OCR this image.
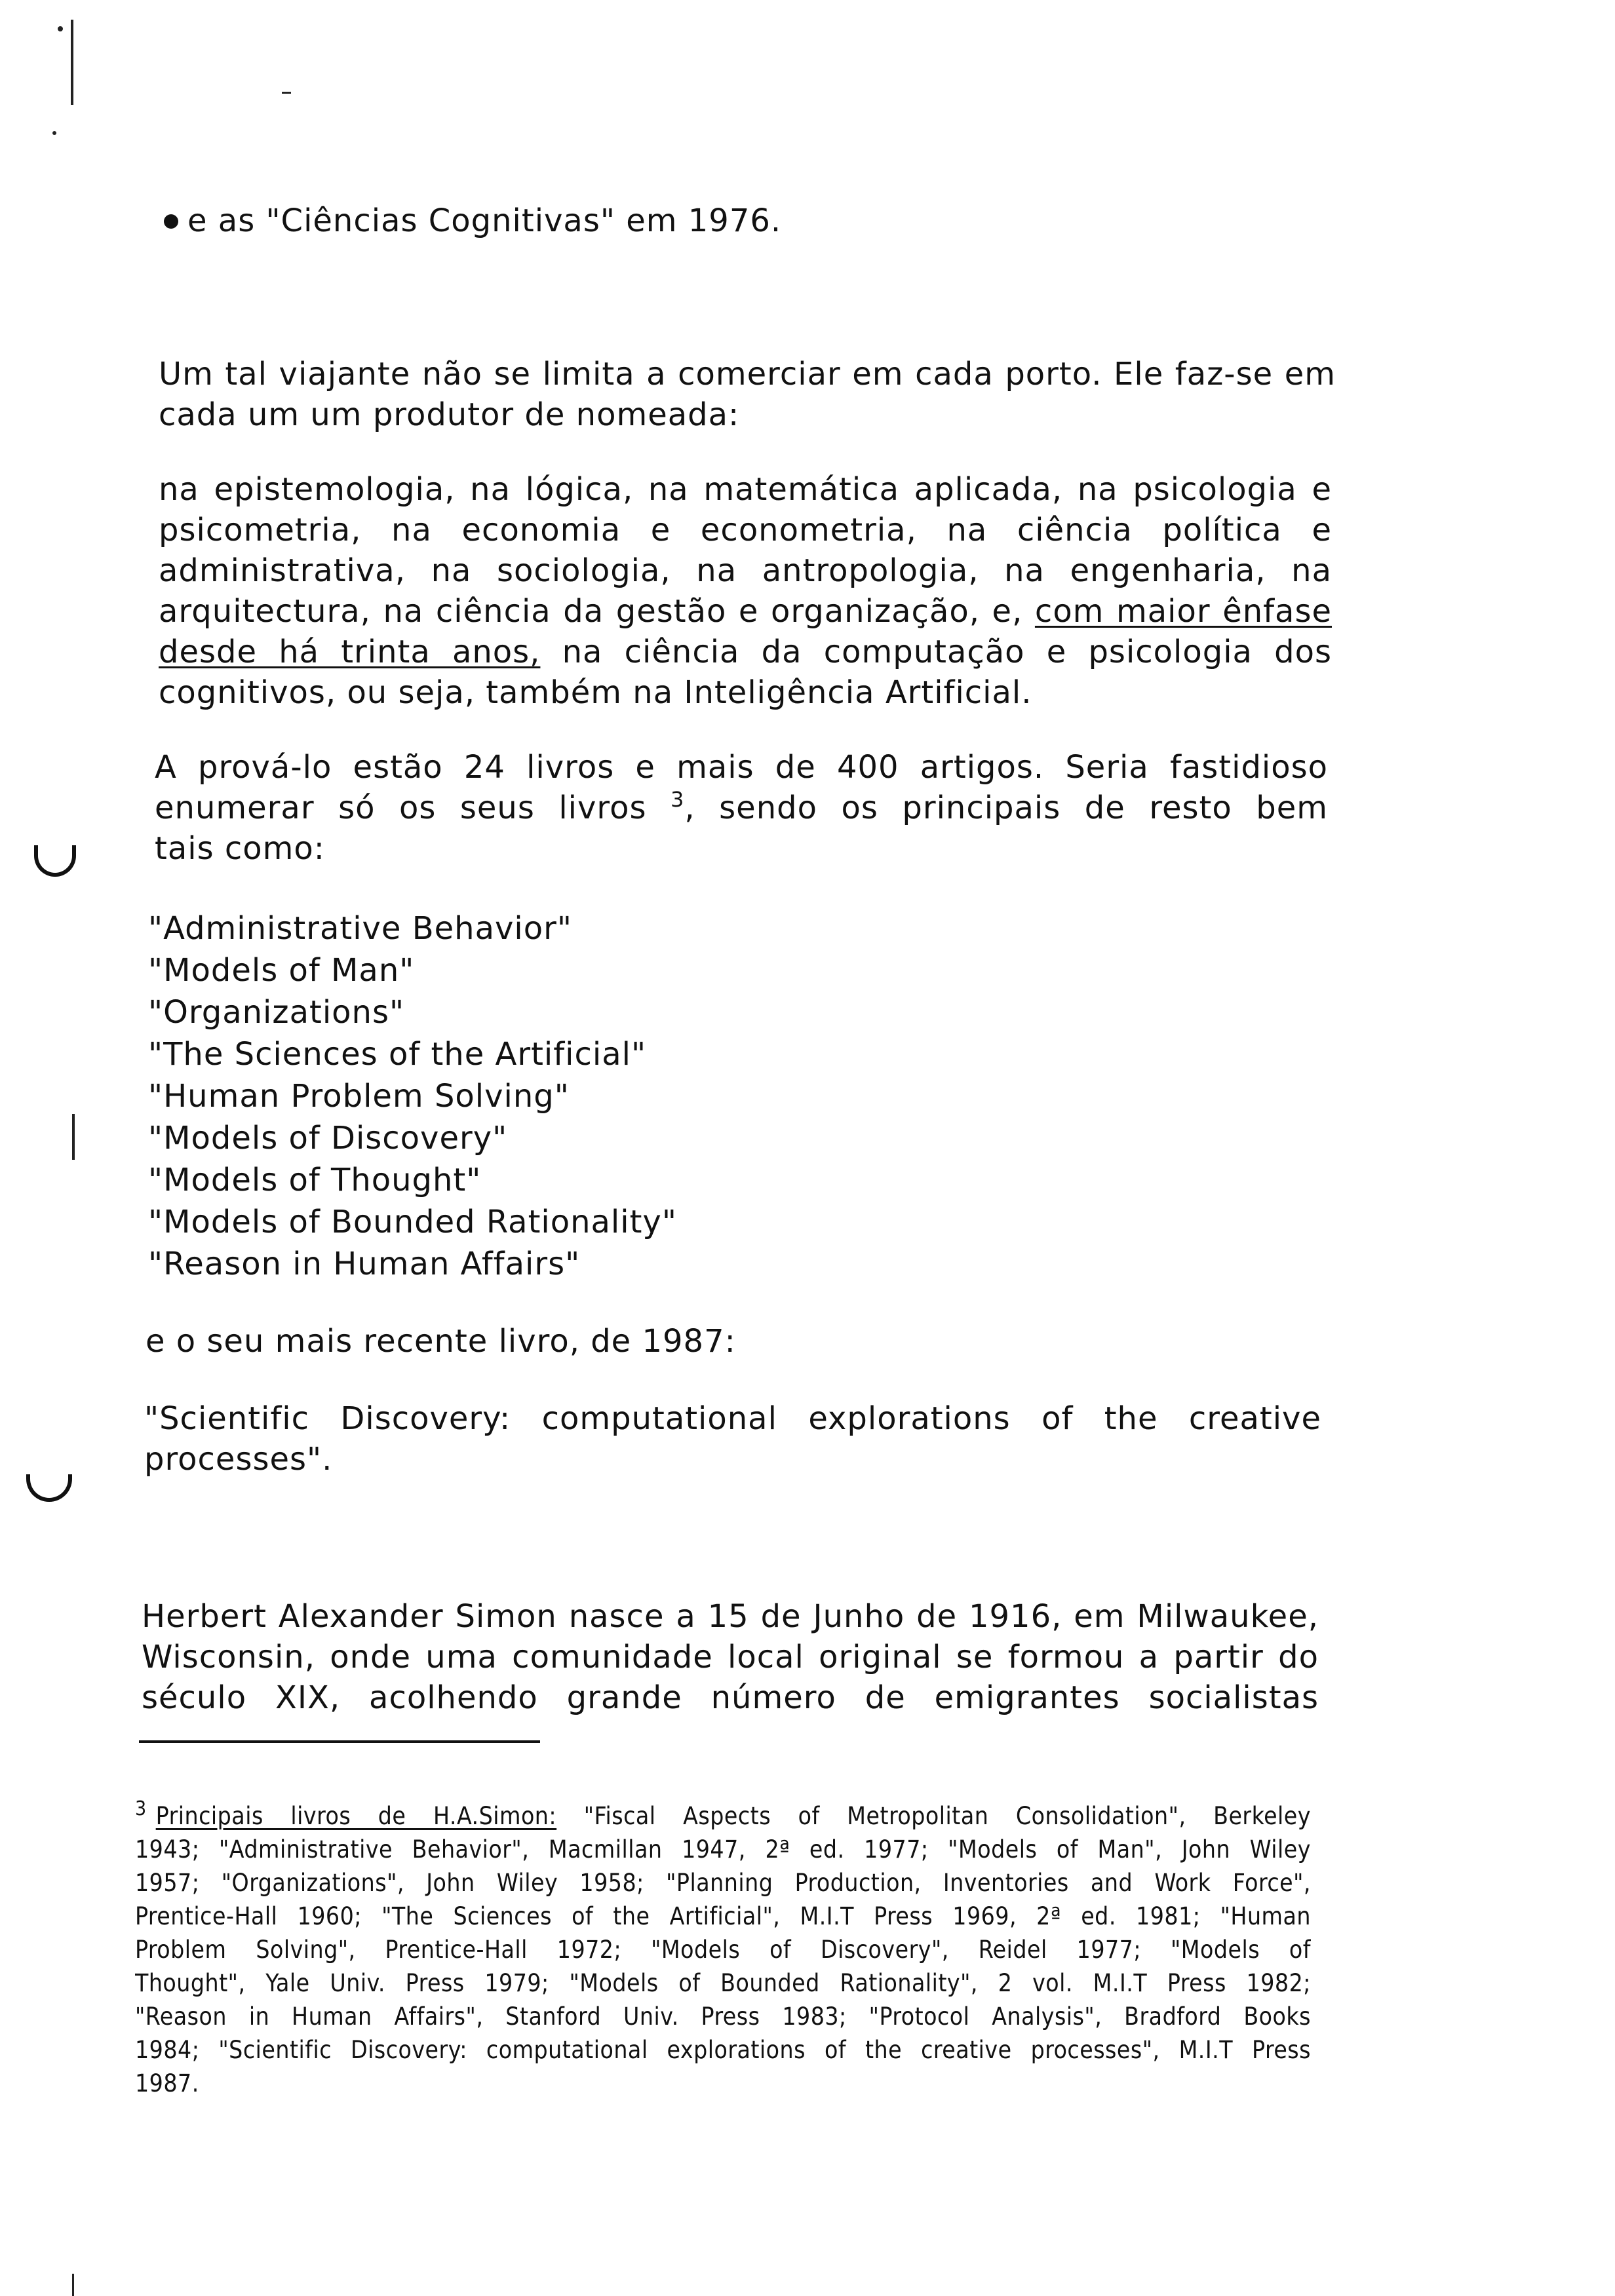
e as "Ciências Cognitivas" em 1976.
Um tal viajante não se limita a comerciar em cada porto. Ele faz-se em
cada um um produtor de nomeada:
na epistemologia, na lógica, na matemática aplicada, na psicologia e
psicometria, na economia e econometria, na ciência política e
administrativa, na sociologia, na antropologia, na engenharia, na
arquitectura, na ciência da gestão e organização, e, com maior ênfase
desde há trinta anos, na ciência da computação e psicologia dos
cognitivos, ou seja, também na Inteligência Artificial.
A prová-lo estão 24 livros e mais de 400 artigos. Seria fastidioso
enumerar só os seus livros $^3$, sendo os principais de resto bem
tais como:
"Administrative Behavior"
"Models of Man"
"Organizations"
"The Sciences of the Artificial"
"Human Problem Solving"
"Models of Discovery"
"Models of Thought"
"Models of Bounded Rationality"
"Reason in Human Affairs"
e o seu mais recente livro, de 1987:
"Scientific Discovery: computational explorations of the creative
processes".
Herbert Alexander Simon nasce a 15 de Junho de 1916, em Milwaukee,
Wisconsin, onde uma comunidade local original se formou a partir do
século XIX, acolhendo grande número de emigrantes socialistas
$^3$ Principais livros de H.A.Simon: "Fiscal Aspects of Metropolitan Consolidation", Berkeley
1943; "Administrative Behavior", Macmillan 1947, 2ª ed. 1977; "Models of Man", John Wiley
1957; "Organizations", John Wiley 1958; "Planning Production, Inventories and Work Force",
Prentice-Hall 1960; "The Sciences of the Artificial", M.I.T Press 1969, 2ª ed. 1981; "Human
Problem Solving", Prentice-Hall 1972; "Models of Discovery", Reidel 1977; "Models of
Thought", Yale Univ. Press 1979; "Models of Bounded Rationality", 2 vol. M.I.T Press 1982;
"Reason in Human Affairs", Stanford Univ. Press 1983; "Protocol Analysis", Bradford Books
1984; "Scientific Discovery: computational explorations of the creative processes", M.I.T Press
1987.
